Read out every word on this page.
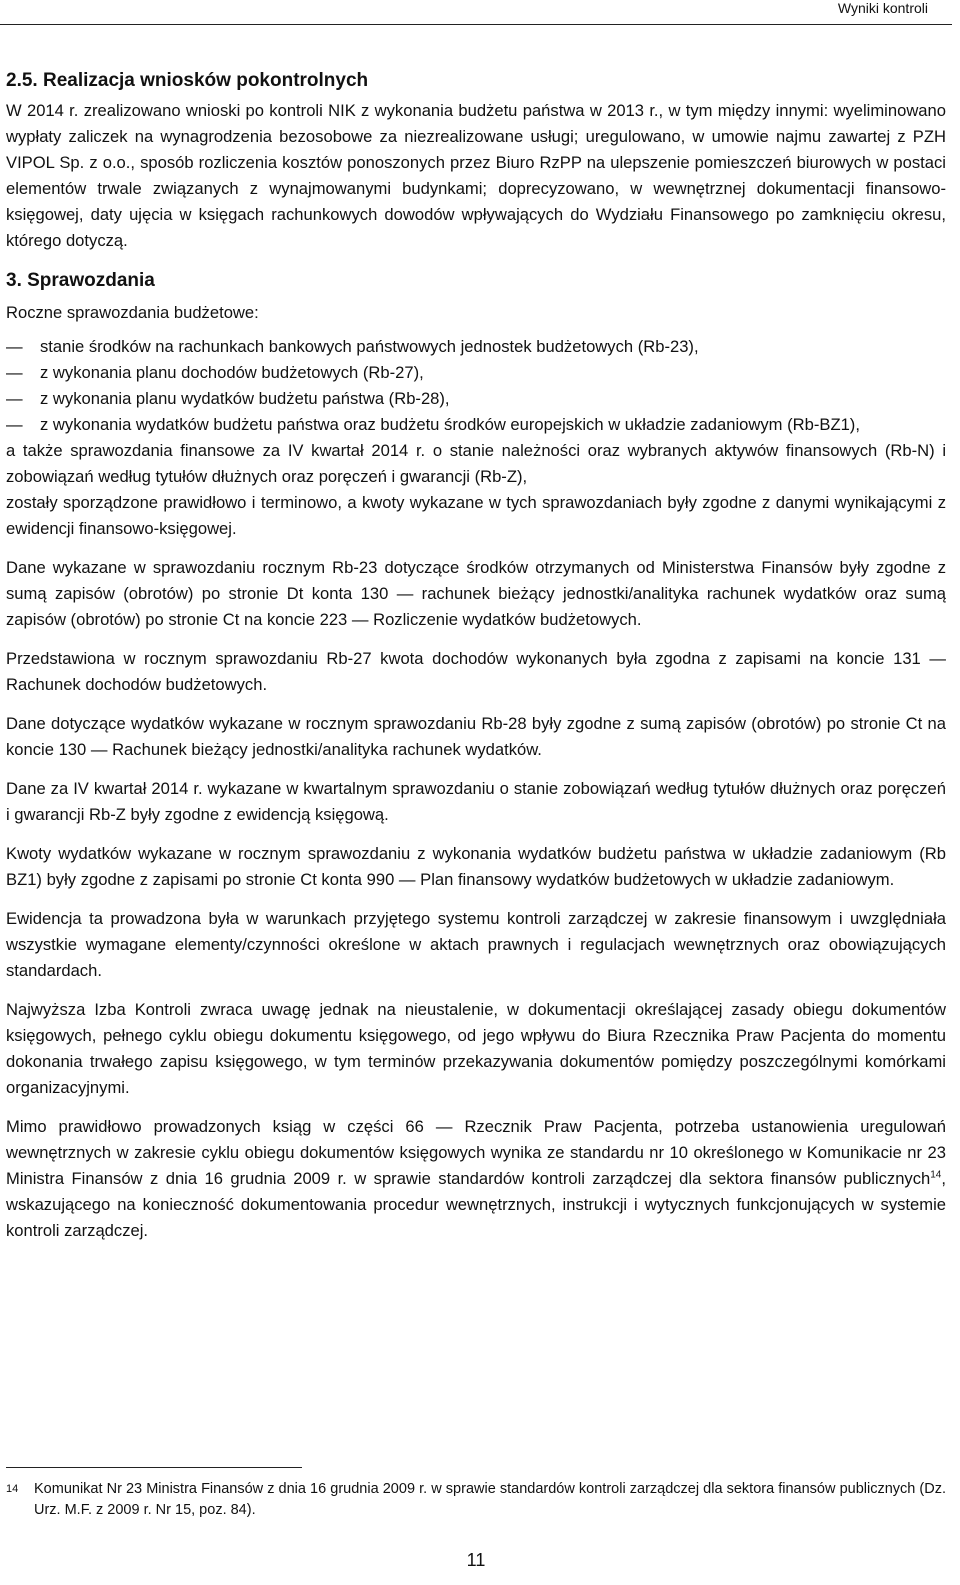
Wyniki kontroli
2.5. Realizacja wniosków pokontrolnych

W 2014 r. zrealizowano wnioski po kontroli NIK z wykonania budżetu państwa w 2013 r., w tym między innymi: wyeliminowano wypłaty zaliczek na wynagrodzenia bezosobowe za niezrealizowane usługi; uregulowano, w umowie najmu zawartej z PZH VIPOL Sp. z o.o., sposób rozliczenia kosztów ponoszonych przez Biuro RzPP na ulepszenie pomieszczeń biurowych w postaci elementów trwale związanych z wynajmowanymi budynkami; doprecyzowano, w wewnętrznej dokumentacji finansowo-księgowej, daty ujęcia w księgach rachunkowych dowodów wpływających do Wydziału Finansowego po zamknięciu okresu, którego dotyczą.

3. Sprawozdania

Roczne sprawozdania budżetowe:

— stanie środków na rachunkach bankowych państwowych jednostek budżetowych (Rb-23),
— z wykonania planu dochodów budżetowych (Rb-27),
— z wykonania planu wydatków budżetu państwa (Rb-28),
— z wykonania wydatków budżetu państwa oraz budżetu środków europejskich w układzie zadaniowym (Rb-BZ1),

a także sprawozdania finansowe za IV kwartał 2014 r. o stanie należności oraz wybranych aktywów finansowych (Rb-N) i zobowiązań według tytułów dłużnych oraz poręczeń i gwarancji (Rb-Z),

zostały sporządzone prawidłowo i terminowo, a kwoty wykazane w tych sprawozdaniach były zgodne z danymi wynikającymi z ewidencji finansowo-księgowej.

Dane wykazane w sprawozdaniu rocznym Rb-23 dotyczące środków otrzymanych od Ministerstwa Finansów były zgodne z sumą zapisów (obrotów) po stronie Dt konta 130 — rachunek bieżący jednostki/analityka rachunek wydatków oraz sumą zapisów (obrotów) po stronie Ct na koncie 223 — Rozliczenie wydatków budżetowych.

Przedstawiona w rocznym sprawozdaniu Rb-27 kwota dochodów wykonanych była zgodna z zapisami na koncie 131 — Rachunek dochodów budżetowych.

Dane dotyczące wydatków wykazane w rocznym sprawozdaniu Rb-28 były zgodne z sumą zapisów (obrotów) po stronie Ct na koncie 130 — Rachunek bieżący jednostki/analityka rachunek wydatków.

Dane za IV kwartał 2014 r. wykazane w kwartalnym sprawozdaniu o stanie zobowiązań według tytułów dłużnych oraz poręczeń i gwarancji Rb-Z były zgodne z ewidencją księgową.

Kwoty wydatków wykazane w rocznym sprawozdaniu z wykonania wydatków budżetu państwa w układzie zadaniowym (Rb BZ1) były zgodne z zapisami po stronie Ct konta 990 — Plan finansowy wydatków budżetowych w układzie zadaniowym.

Ewidencja ta prowadzona była w warunkach przyjętego systemu kontroli zarządczej w zakresie finansowym i uwzględniała wszystkie wymagane elementy/czynności określone w aktach prawnych i regulacjach wewnętrznych oraz obowiązujących standardach.

Najwyższa Izba Kontroli zwraca uwagę jednak na nieustalenie, w dokumentacji określającej zasady obiegu dokumentów księgowych, pełnego cyklu obiegu dokumentu księgowego, od jego wpływu do Biura Rzecznika Praw Pacjenta do momentu dokonania trwałego zapisu księgowego, w tym terminów przekazywania dokumentów pomiędzy poszczególnymi komórkami organizacyjnymi.

Mimo prawidłowo prowadzonych ksiąg w części 66 — Rzecznik Praw Pacjenta, potrzeba ustanowienia uregulowań wewnętrznych w zakresie cyklu obiegu dokumentów księgowych wynika ze standardu nr 10 określonego w Komunikacie nr 23 Ministra Finansów z dnia 16 grudnia 2009 r. w sprawie standardów kontroli zarządczej dla sektora finansów publicznych$^{14}$, wskazującego na konieczność dokumentowania procedur wewnętrznych, instrukcji i wytycznych funkcjonujących w systemie kontroli zarządczej.

14 Komunikat Nr 23 Ministra Finansów z dnia 16 grudnia 2009 r. w sprawie standardów kontroli zarządczej dla sektora finansów publicznych (Dz. Urz. M.F. z 2009 r. Nr 15, poz. 84).
11
